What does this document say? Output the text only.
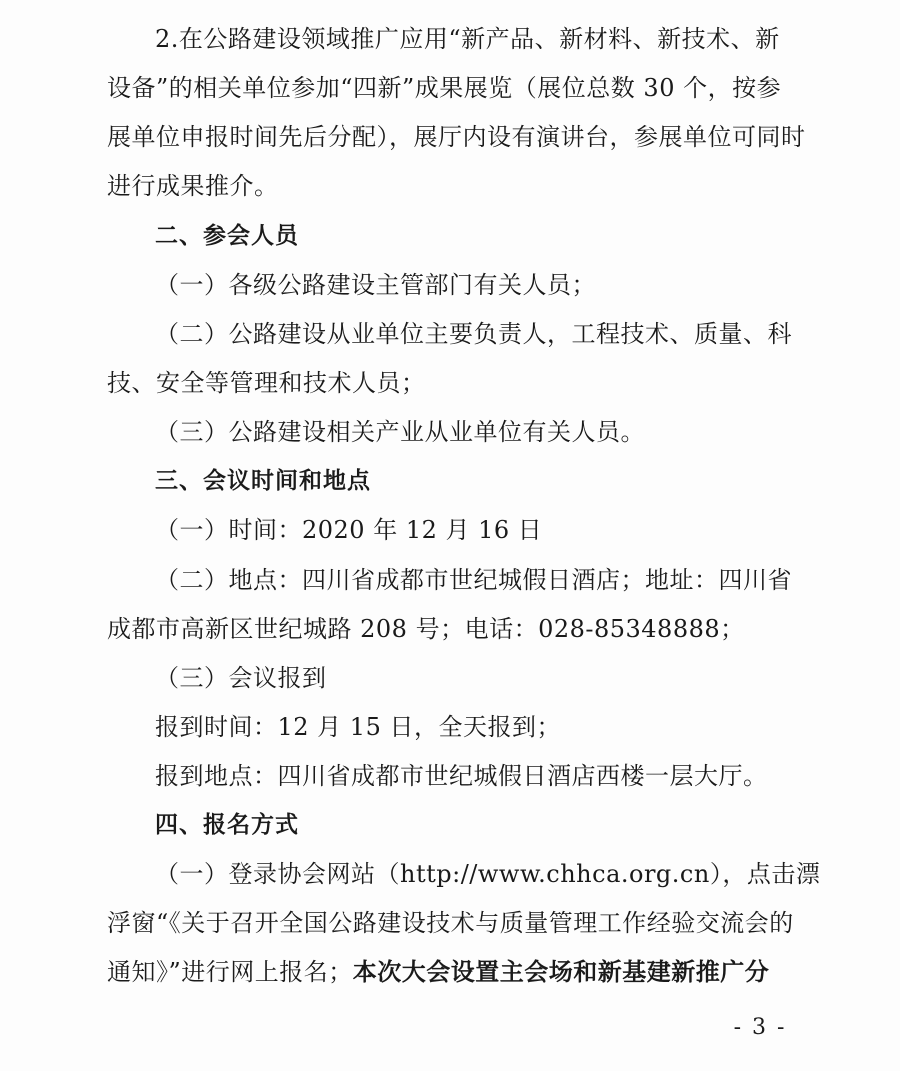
2.在公路建设领域推广应用“新产品、新材料、新技术、新
设备”的相关单位参加“四新”成果展览（展位总数 30 个，按参
展单位申报时间先后分配），展厅内设有演讲台，参展单位可同时
进行成果推介。
二、参会人员
（一）各级公路建设主管部门有关人员；
（二）公路建设从业单位主要负责人，工程技术、质量、科
技、安全等管理和技术人员；
（三）公路建设相关产业从业单位有关人员。
三、会议时间和地点
（一）时间：2020 年 12 月 16 日
（二）地点：四川省成都市世纪城假日酒店；地址：四川省
成都市高新区世纪城路 208 号；电话：028-85348888；
（三）会议报到
报到时间：12 月 15 日，全天报到；
报到地点：四川省成都市世纪城假日酒店西楼一层大厅。
四、报名方式
（一）登录协会网站（http://www.chhca.org.cn），点击漂
浮窗“《关于召开全国公路建设技术与质量管理工作经验交流会的
通知》”进行网上报名；本次大会设置主会场和新基建新推广分
- 3 -
